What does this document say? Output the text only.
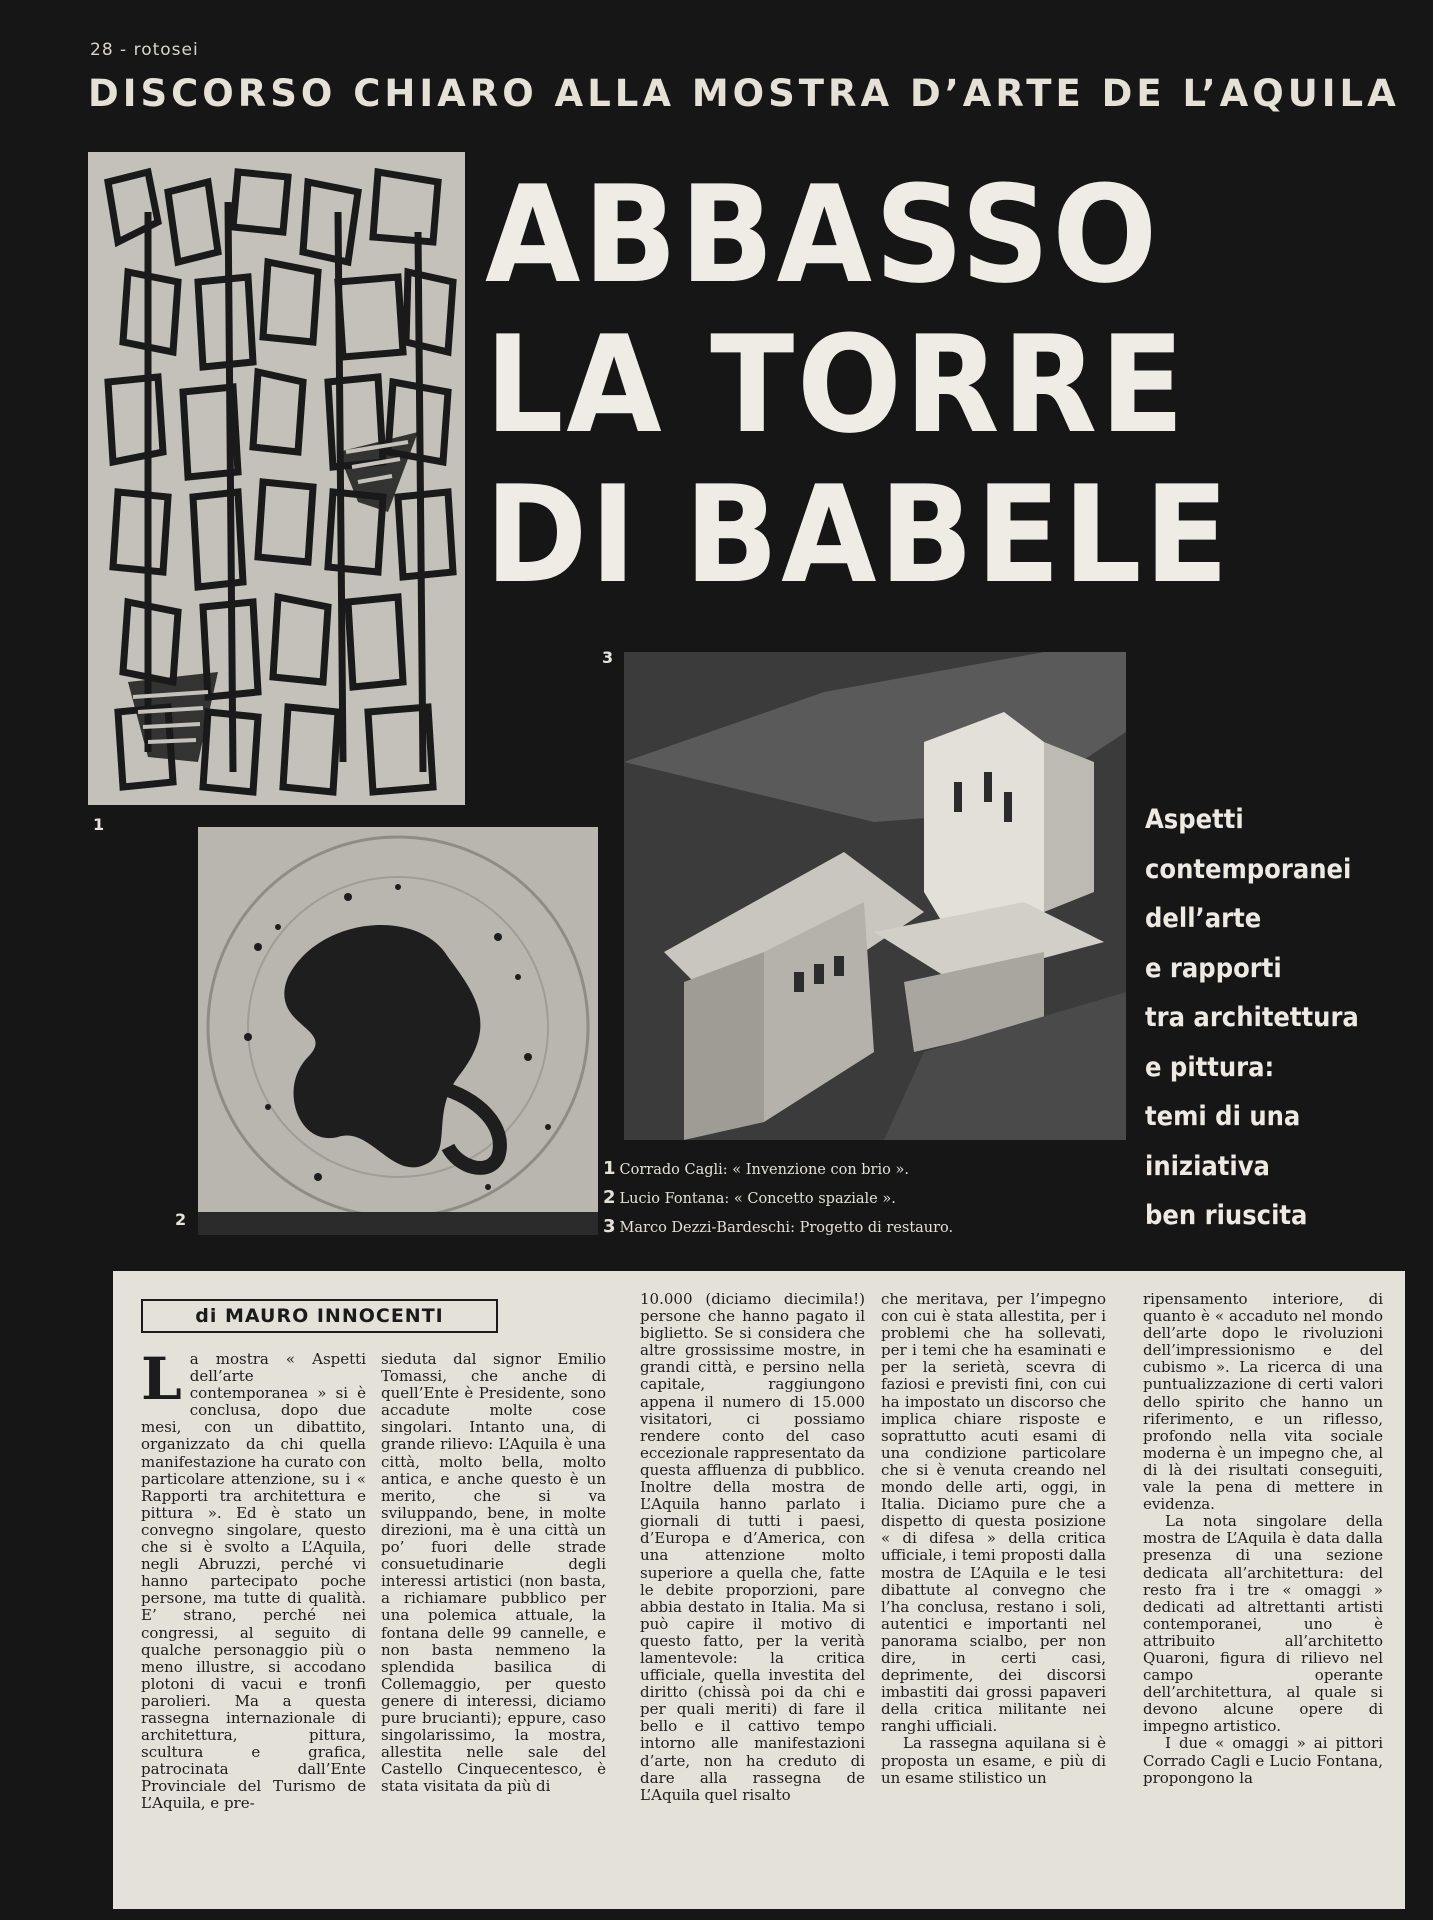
28 - rotosei
DISCORSO CHIARO ALLA MOSTRA D’ARTE DE L’AQUILA
ABBASSO
LA TORRE
DI BABELE
1
2
3
Aspetti
contemporanei
dell’arte
e rapporti
tra architettura
e pittura:
temi di una
iniziativa
ben riuscita
1 Corrado Cagli: « Invenzione con brio ».
2 Lucio Fontana: « Concetto spaziale ».
3 Marco Dezzi-Bardeschi: Progetto di restauro.
di MAURO INNOCENTI

La mostra « Aspetti dell’arte contemporanea » si è conclusa, dopo due mesi, con un dibattito, organizzato da chi quella manifestazione ha curato con particolare attenzione, su i « Rapporti tra architettura e pittura ». Ed è stato un convegno singolare, questo che si è svolto a L’Aquila, negli Abruzzi, perché vi hanno partecipato poche persone, ma tutte di qualità. E’ strano, perché nei congressi, al seguito di qualche personaggio più o meno illustre, si accodano plotoni di vacui e tronfi parolieri. Ma a questa rassegna internazionale di architettura, pittura, scultura e grafica, patrocinata dall’Ente Provinciale del Turismo de L’Aquila, e pre-

sieduta dal signor Emilio Tomassi, che anche di quell’Ente è Presidente, sono accadute molte cose singolari. Intanto una, di grande rilievo: L’Aquila è una città, molto bella, molto antica, e anche questo è un merito, che si va sviluppando, bene, in molte direzioni, ma è una città un po’ fuori delle strade consuetudinarie degli interessi artistici (non basta, a richiamare pubblico per una polemica attuale, la fontana delle 99 cannelle, e non basta nemmeno la splendida basilica di Collemaggio, per questo genere di interessi, diciamo pure brucianti); eppure, caso singolarissimo, la mostra, allestita nelle sale del Castello Cinquecentesco, è stata visitata da più di

10.000 (diciamo diecimila!) persone che hanno pagato il biglietto. Se si considera che altre grossissime mostre, in grandi città, e persino nella capitale, raggiungono appena il numero di 15.000 visitatori, ci possiamo rendere conto del caso eccezionale rappresentato da questa affluenza di pubblico. Inoltre della mostra de L’Aquila hanno parlato i giornali di tutti i paesi, d’Europa e d’America, con una attenzione molto superiore a quella che, fatte le debite proporzioni, pare abbia destato in Italia. Ma si può capire il motivo di questo fatto, per la verità lamentevole: la critica ufficiale, quella investita del diritto (chissà poi da chi e per quali meriti) di fare il bello e il cattivo tempo intorno alle manifestazioni d’arte, non ha creduto di dare alla rassegna de L’Aquila quel risalto

che meritava, per l’impegno con cui è stata allestita, per i problemi che ha sollevati, per i temi che ha esaminati e per la serietà, scevra di faziosi e previsti fini, con cui ha impostato un discorso che implica chiare risposte e soprattutto acuti esami di una condizione particolare che si è venuta creando nel mondo delle arti, oggi, in Italia. Diciamo pure che a dispetto di questa posizione « di difesa » della critica ufficiale, i temi proposti dalla mostra de L’Aquila e le tesi dibattute al convegno che l’ha conclusa, restano i soli, autentici e importanti nel panorama scialbo, per non dire, in certi casi, deprimente, dei discorsi imbastiti dai grossi papaveri della critica militante nei ranghi ufficiali.

La rassegna aquilana si è proposta un esame, e più di un esame stilistico un

ripensamento interiore, di quanto è « accaduto nel mondo dell’arte dopo le rivoluzioni dell’impressionismo e del cubismo ». La ricerca di una puntualizzazione di certi valori dello spirito che hanno un riferimento, e un riflesso, profondo nella vita sociale moderna è un impegno che, al di là dei risultati conseguiti, vale la pena di mettere in evidenza.

La nota singolare della mostra de L’Aquila è data dalla presenza di una sezione dedicata all’architettura: del resto fra i tre « omaggi » dedicati ad altrettanti artisti contemporanei, uno è attribuito all’architetto Quaroni, figura di rilievo nel campo operante dell’architettura, al quale si devono alcune opere di impegno artistico.

I due « omaggi » ai pittori Corrado Cagli e Lucio Fontana, propongono la
